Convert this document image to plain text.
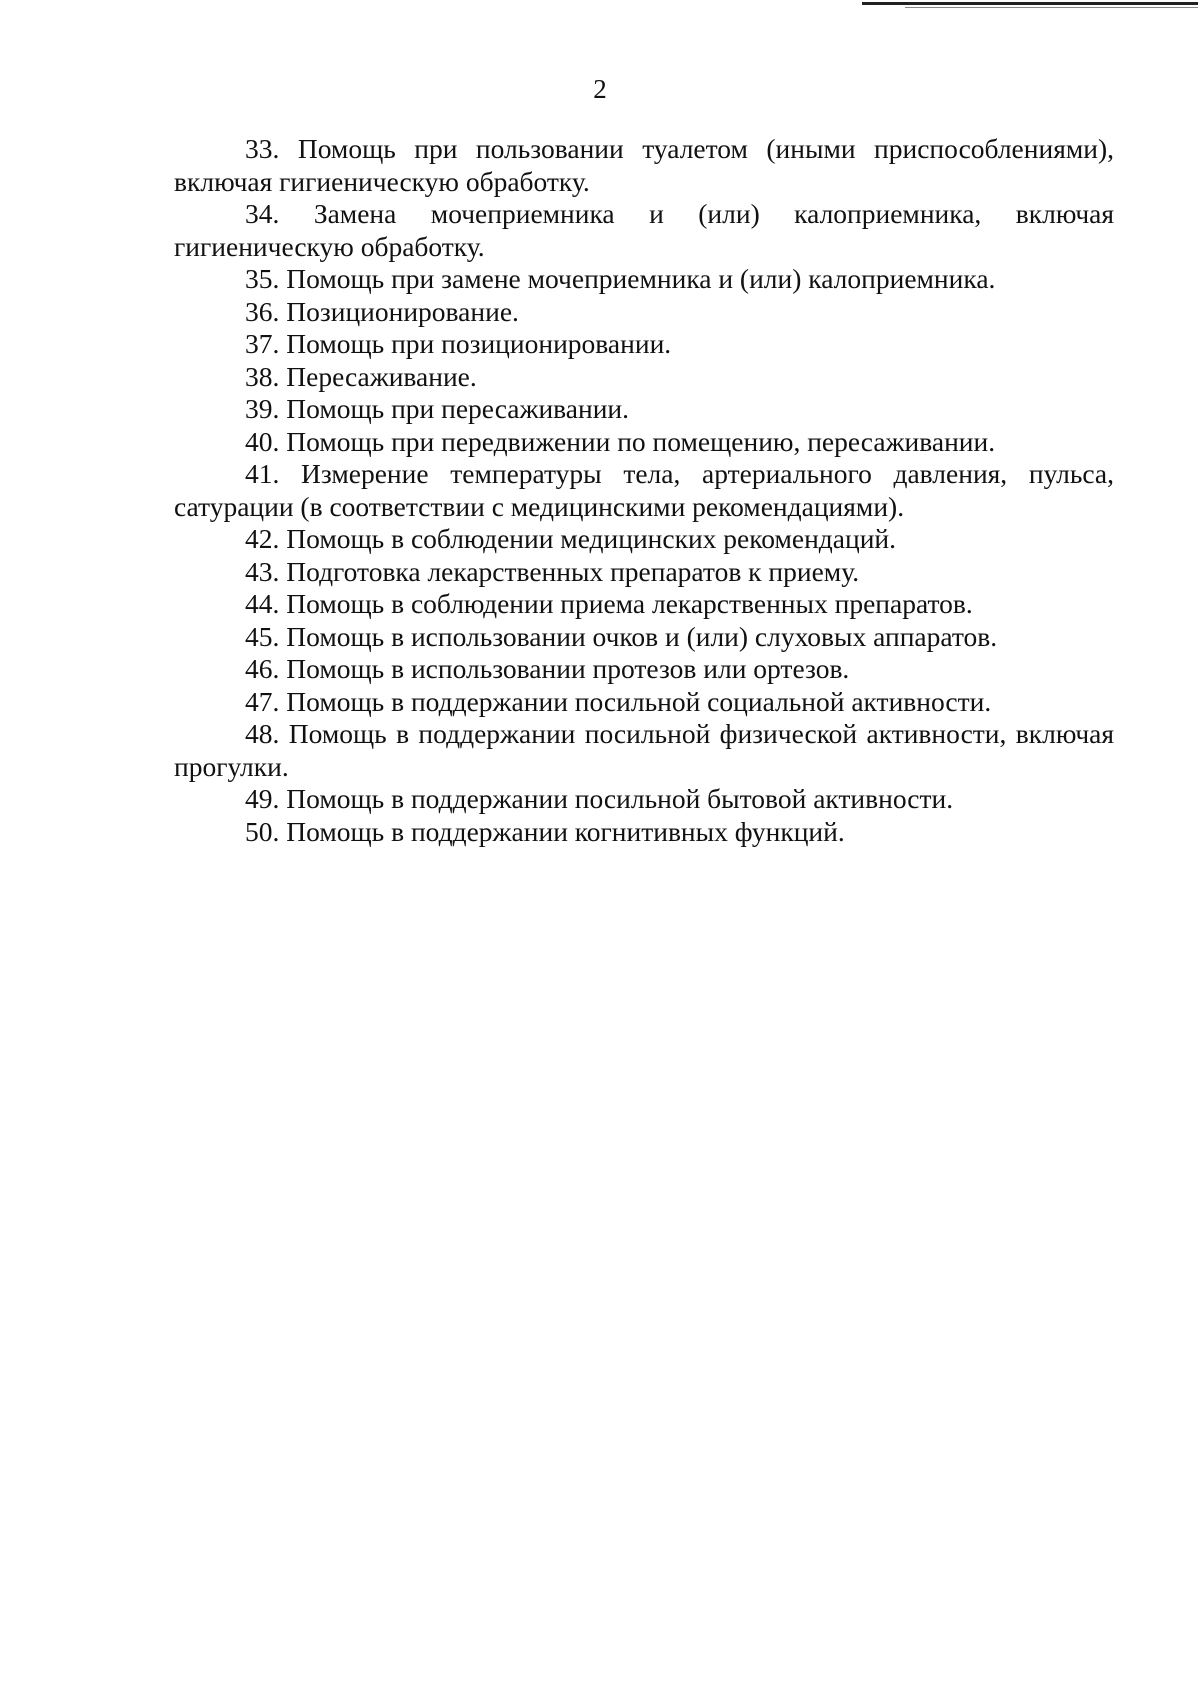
2

33. Помощь при пользовании туалетом (иными приспособлениями), включая гигиеническую обработку.

34. Замена мочеприемника и (или) калоприемника, включая гигиеническую обработку.

35. Помощь при замене мочеприемника и (или) калоприемника.

36. Позиционирование.

37. Помощь при позиционировании.

38. Пересаживание.

39. Помощь при пересаживании.

40. Помощь при передвижении по помещению, пересаживании.

41. Измерение температуры тела, артериального давления, пульса, сатурации (в соответствии с медицинскими рекомендациями).

42. Помощь в соблюдении медицинских рекомендаций.

43. Подготовка лекарственных препаратов к приему.

44. Помощь в соблюдении приема лекарственных препаратов.

45. Помощь в использовании очков и (или) слуховых аппаратов.

46. Помощь в использовании протезов или ортезов.

47. Помощь в поддержании посильной социальной активности.

48. Помощь в поддержании посильной физической активности, включая прогулки.

49. Помощь в поддержании посильной бытовой активности.

50. Помощь в поддержании когнитивных функций.
